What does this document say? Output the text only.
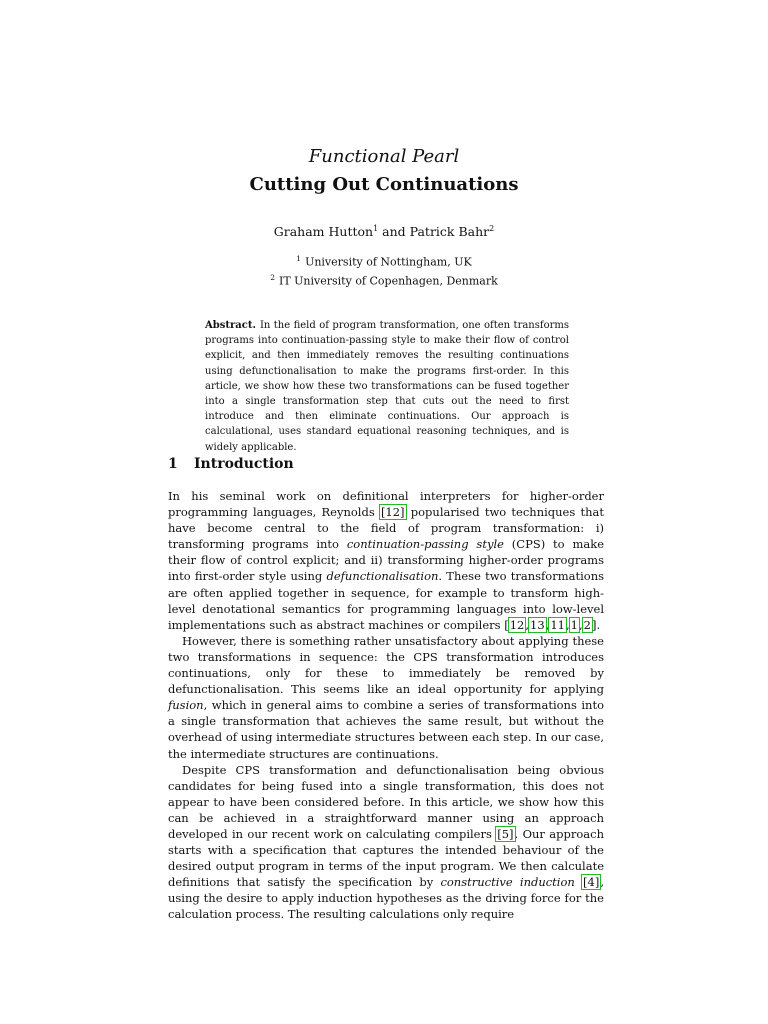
Functional Pearl
Cutting Out Continuations
Graham Hutton$^1$ and Patrick Bahr$^2$
$^1$ University of Nottingham, UK
$^2$ IT University of Copenhagen, Denmark
Abstract. In the field of program transformation, one often transforms programs into continuation-passing style to make their flow of control explicit, and then immediately removes the resulting continuations using defunctionalisation to make the programs first-order. In this article, we show how these two transformations can be fused together into a single transformation step that cuts out the need to first introduce and then eliminate continuations. Our approach is calculational, uses standard equational reasoning techniques, and is widely applicable.
1 Introduction

In his seminal work on definitional interpreters for higher-order programming languages, Reynolds [12] popularised two techniques that have become central to the field of program transformation: i) transforming programs into continuation-passing style (CPS) to make their flow of control explicit; and ii) transforming higher-order programs into first-order style using defunctionalisation. These two transformations are often applied together in sequence, for example to transform high-level denotational semantics for programming languages into low-level implementations such as abstract machines or compilers [12,13,11,1,2].

However, there is something rather unsatisfactory about applying these two transformations in sequence: the CPS transformation introduces continuations, only for these to immediately be removed by defunctionalisation. This seems like an ideal opportunity for applying fusion, which in general aims to combine a series of transformations into a single transformation that achieves the same result, but without the overhead of using intermediate structures between each step. In our case, the intermediate structures are continuations.

Despite CPS transformation and defunctionalisation being obvious candidates for being fused into a single transformation, this does not appear to have been considered before. In this article, we show how this can be achieved in a straightforward manner using an approach developed in our recent work on calculating compilers [5]. Our approach starts with a specification that captures the intended behaviour of the desired output program in terms of the input program. We then calculate definitions that satisfy the specification by constructive induction [4], using the desire to apply induction hypotheses as the driving force for the calculation process. The resulting calculations only require
